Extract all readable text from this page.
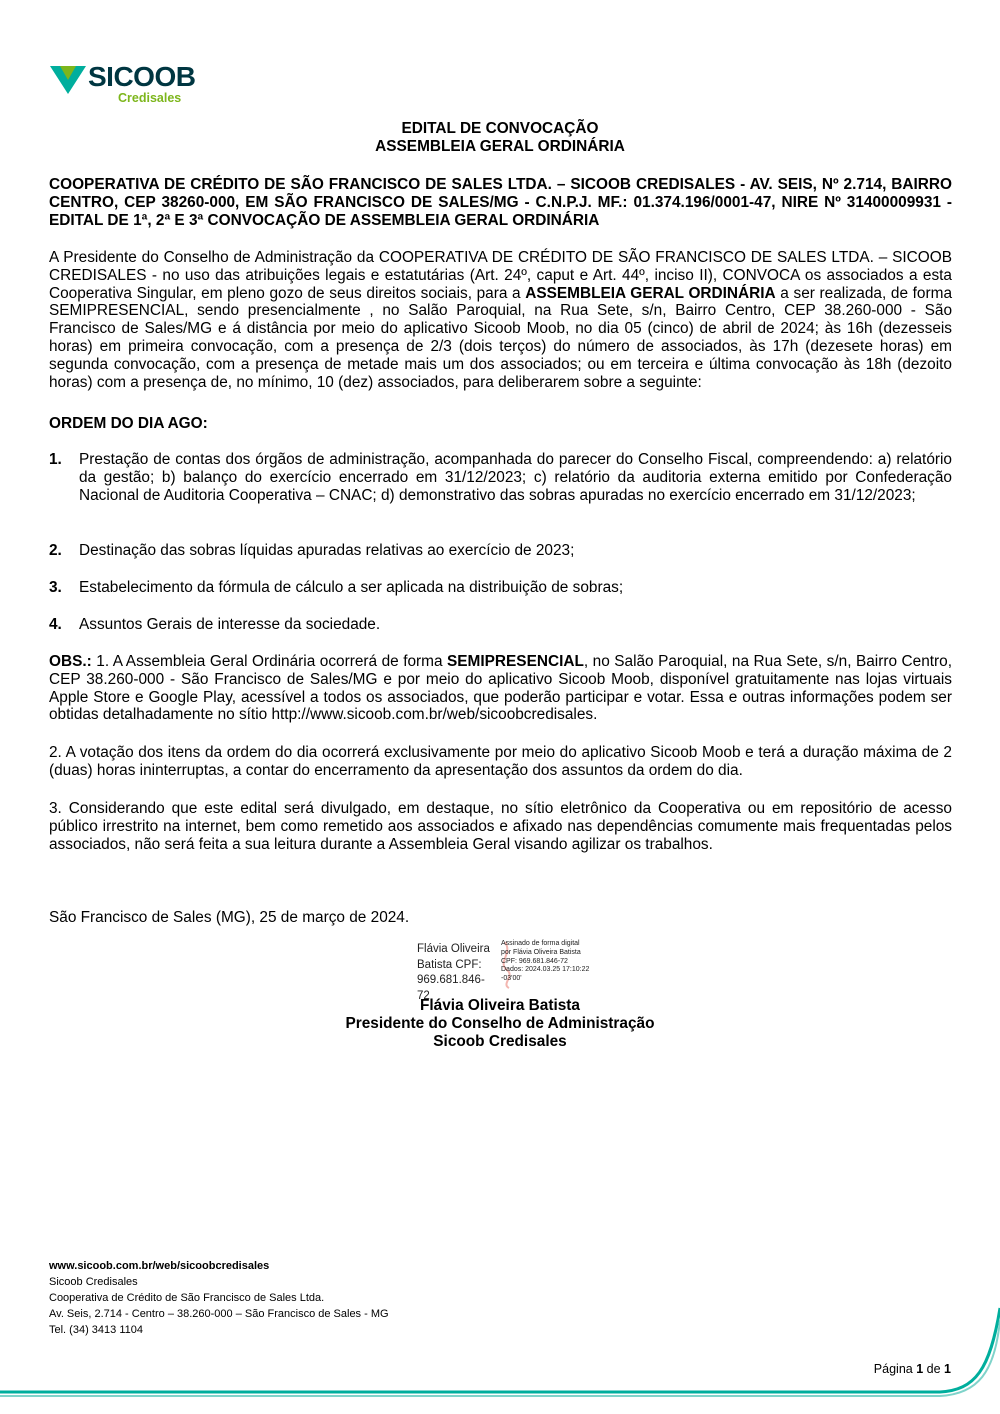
SICOOB
Credisales
EDITAL DE CONVOCAÇÃO
ASSEMBLEIA GERAL ORDINÁRIA
COOPERATIVA DE CRÉDITO DE SÃO FRANCISCO DE SALES LTDA. – SICOOB CREDISALES - AV. SEIS, Nº 2.714, BAIRRO CENTRO, CEP 38260-000, EM SÃO FRANCISCO DE SALES/MG - C.N.P.J. MF.: 01.374.196/0001-47, NIRE Nº 31400009931 - EDITAL DE 1ª, 2ª E 3ª CONVOCAÇÃO DE ASSEMBLEIA GERAL ORDINÁRIA
A Presidente do Conselho de Administração da COOPERATIVA DE CRÉDITO DE SÃO FRANCISCO DE SALES LTDA. – SICOOB CREDISALES - no uso das atribuições legais e estatutárias (Art. 24º, caput e Art. 44º, inciso II), CONVOCA os associados a esta Cooperativa Singular, em pleno gozo de seus direitos sociais, para a ASSEMBLEIA GERAL ORDINÁRIA a ser realizada, de forma SEMIPRESENCIAL, sendo presencialmente , no Salão Paroquial, na Rua Sete, s/n, Bairro Centro, CEP 38.260-000 - São Francisco de Sales/MG e á distância por meio do aplicativo Sicoob Moob, no dia 05 (cinco) de abril de 2024; às 16h (dezesseis horas) em primeira convocação, com a presença de 2/3 (dois terços) do número de associados, às 17h (dezesete horas) em segunda convocação, com a presença de metade mais um dos associados; ou em terceira e última convocação às 18h (dezoito horas) com a presença de, no mínimo, 10 (dez) associados, para deliberarem sobre a seguinte:
ORDEM DO DIA AGO:
1. Prestação de contas dos órgãos de administração, acompanhada do parecer do Conselho Fiscal, compreendendo: a) relatório da gestão; b) balanço do exercício encerrado em 31/12/2023; c) relatório da auditoria externa emitido por Confederação Nacional de Auditoria Cooperativa – CNAC; d) demonstrativo das sobras apuradas no exercício encerrado em 31/12/2023;
2. Destinação das sobras líquidas apuradas relativas ao exercício de 2023;
3. Estabelecimento da fórmula de cálculo a ser aplicada na distribuição de sobras;
4. Assuntos Gerais de interesse da sociedade.
OBS.: 1. A Assembleia Geral Ordinária ocorrerá de forma SEMIPRESENCIAL, no Salão Paroquial, na Rua Sete, s/n, Bairro Centro, CEP 38.260-000 - São Francisco de Sales/MG e por meio do aplicativo Sicoob Moob, disponível gratuitamente nas lojas virtuais Apple Store e Google Play, acessível a todos os associados, que poderão participar e votar. Essa e outras informações podem ser obtidas detalhadamente no sítio http://www.sicoob.com.br/web/sicoobcredisales.
2. A votação dos itens da ordem do dia ocorrerá exclusivamente por meio do aplicativo Sicoob Moob e terá a duração máxima de 2 (duas) horas ininterruptas, a contar do encerramento da apresentação dos assuntos da ordem do dia.
3. Considerando que este edital será divulgado, em destaque, no sítio eletrônico da Cooperativa ou em repositório de acesso público irrestrito na internet, bem como remetido aos associados e afixado nas dependências comumente mais frequentadas pelos associados, não será feita a sua leitura durante a Assembleia Geral visando agilizar os trabalhos.
São Francisco de Sales (MG), 25 de março de 2024.
Flávia Oliveira Batista CPF: 969.681.846-72
Assinado de forma digital por Flávia Oliveira Batista CPF: 969.681.846-72 Dados: 2024.03.25 17:10:22 -03'00'
Flávia Oliveira Batista
Presidente do Conselho de Administração
Sicoob Credisales
www.sicoob.com.br/web/sicoobcredisales
Sicoob Credisales
Cooperativa de Crédito de São Francisco de Sales Ltda.
Av. Seis, 2.714 - Centro – 38.260-000 – São Francisco de Sales - MG
Tel. (34) 3413 1104
Página 1 de 1
